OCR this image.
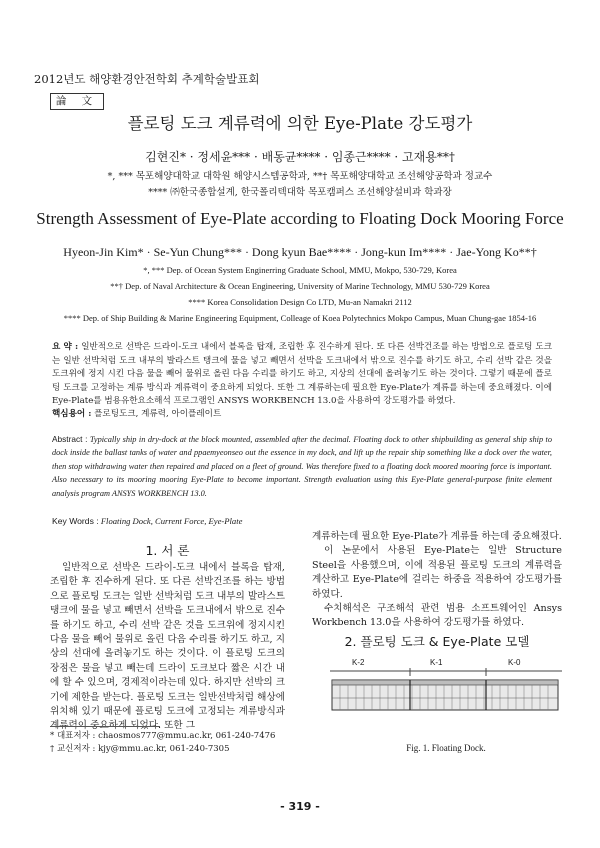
2012년도 해양환경안전학회 추계학술발표회
論 文
플로팅 도크 계류력에 의한 Eye-Plate 강도평가
김현진* · 정세윤*** · 배동균**** · 임종근**** · 고재용**†
*, *** 목포해양대학교 대학원 해양시스템공학과, **† 목포해양대학교 조선해양공학과 정교수
**** ㈜한국종합설계, 한국폴리텍대학 목포캠퍼스 조선해양설비과 학과장
Strength Assessment of Eye-Plate according to Floating Dock Mooring Force
Hyeon-Jin Kim* · Se-Yun Chung*** · Dong kyun Bae**** · Jong-kun Im**** · Jae-Yong Ko**†
*, *** Dep. of Ocean System Enginerring Graduate School, MMU, Mokpo, 530-729, Korea
**† Dep. of Naval Architecture & Ocean Engineering, University of Marine Technology, MMU 530-729 Korea
**** Korea Consolidation Design Co LTD, Mu-an Namakri 2112
**** Dep. of Ship Building & Marine Engineering Equipment, Colleage of Koea Polytechnics Mokpo Campus, Muan Chung-gae 1854-16
요 약 : 일반적으로 선박은 드라이-도크 내에서 블록을 탑재, 조립한 후 진수하게 된다. 또 다른 선박건조를 하는 방법으로 플로팅 도크는 일반 선박처럼 도크 내부의 발라스트 탱크에 물을 넣고 빼면서 선박을 도크내에서 밖으로 진수를 하기도 하고, 수리 선박 같은 것을 도크위에 정지 시킨 다음 물을 빼어 물위로 올린 다음 수리를 하기도 하고, 지상의 선대에 올려놓기도 하는 것이다. 그렇기 때문에 플로팅 도크를 고정하는 계류 방식과 계류력이 중요하게 되었다. 또한 그 계류하는데 필요한 Eye-Plate가 계류를 하는데 중요해졌다. 이에 Eye-Plate를 범용유한요소해석 프로그램인 ANSYS WORKBENCH 13.0을 사용하여 강도평가를 하였다.
핵심용어 : 플로팅도크, 계류력, 아이플레이트
Abstract : Typically ship in dry-dock at the block mounted, assembled after the decimal. Floating dock to other shipbuilding as general ship ship to dock inside the ballast tanks of water and ppaemyeonseo out the essence in my dock, and lift up the repair ship something like a dock over the water, then stop withdrawing water then repaired and placed on a fleet of ground. Was therefore fixed to a floating dock moored mooring force is important. Also necessary to its mooring mooring Eye-Plate to become important. Strength evaluation using this Eye-Plate general-purpose finite element analysis program ANSYS WORKBENCH 13.0.
Key Words : Floating Dock, Current Force, Eye-Plate
1. 서 론

일반적으로 선박은 드라이-도크 내에서 블록을 탑재, 조립한 후 진수하게 된다. 또 다른 선박건조를 하는 방법으로 플로팅 도크는 일반 선박처럼 도크 내부의 발라스트 탱크에 물을 넣고 빼면서 선박을 도크내에서 밖으로 진수를 하기도 하고, 수리 선박 같은 것을 도크위에 정지시킨 다음 물을 빼어 물위로 올린 다음 수리를 하기도 하고, 지상의 선대에 올려놓기도 하는 것이다. 이 플로팅 도크의 장점은 물을 넣고 빼는데 드라이 도크보다 짧은 시간 내에 할 수 있으며, 경제적이라는데 있다. 하지만 선박의 크기에 제한을 받는다. 플로팅 도크는 일반선박처럼 해상에 위치해 있기 때문에 플로팅 도크에 고정되는 계류방식과 계류력이 중요하게 되었다. 또한 그

계류하는데 필요한 Eye-Plate가 계류를 하는데 중요해졌다.

이 논문에서 사용된 Eye-Plate는 일반 Structure Steel을 사용했으며, 이에 적용된 플로팅 도크의 계류력을 계산하고 Eye-Plate에 걸리는 하중을 적용하여 강도평가를 하였다.

수치해석은 구조해석 관련 범용 소프트웨어인 Ansys Workbench 13.0을 사용하여 강도평가를 하였다.

2. 플로팅 도크 & Eye-Plate 모델
K-2	K-1	K-0
Fig. 1. Floating Dock.
* 대표저자 : chaosmos777@mmu.ac.kr, 061-240-7476
† 교신저자 : kjy@mmu.ac.kr, 061-240-7305
- 319 -
